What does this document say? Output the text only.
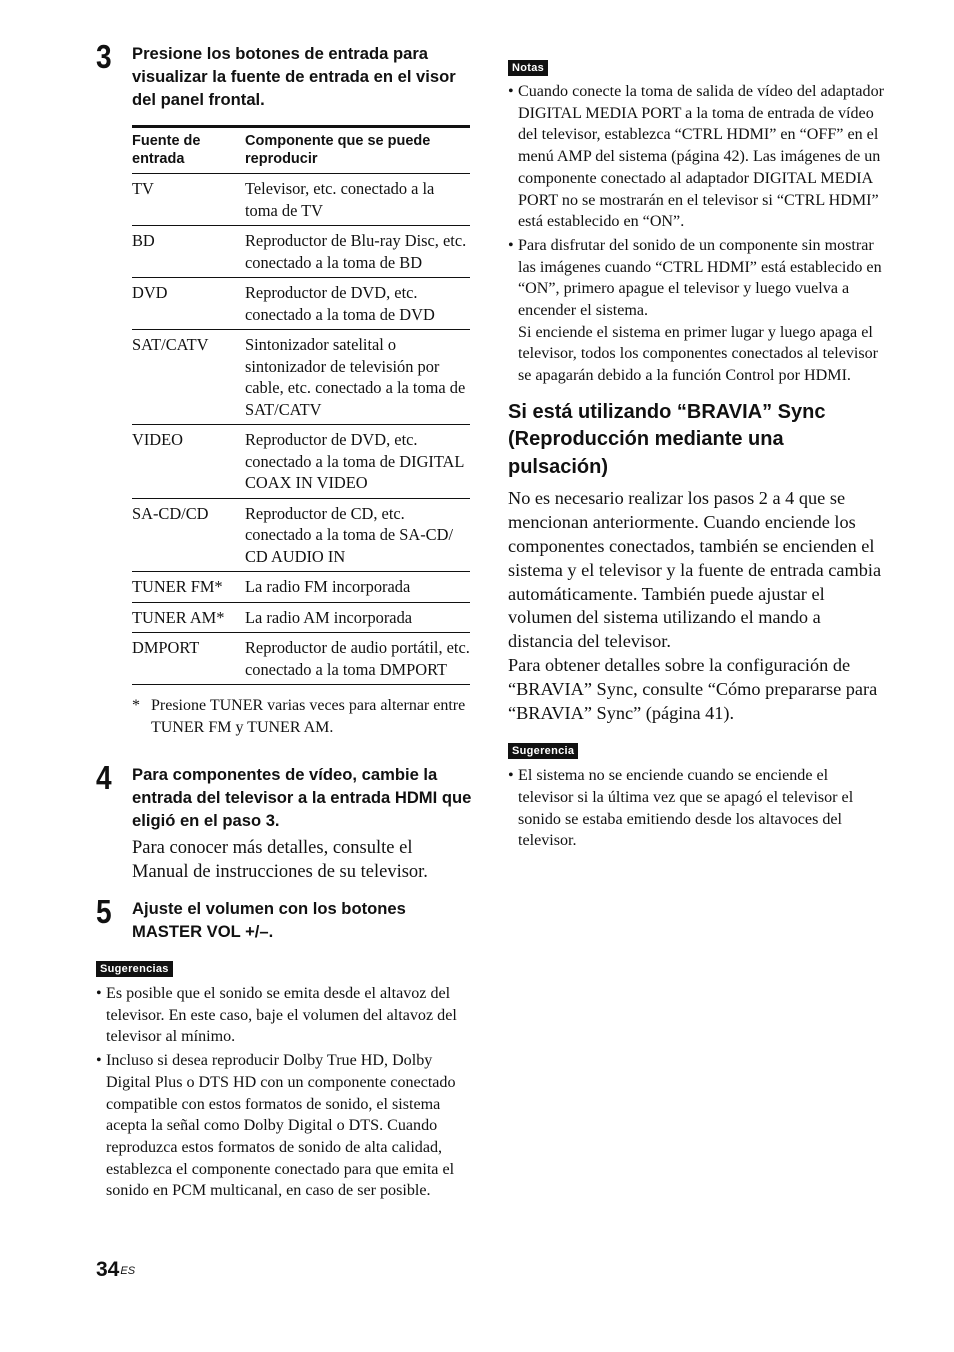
3 Presione los botones de entrada para visualizar la fuente de entrada en el visor del panel frontal.

Fuente de entrada	Componente que se puede reproducir
TV	Televisor, etc. conectado a la toma de TV
BD	Reproductor de Blu-ray Disc, etc. conectado a la toma de BD
DVD	Reproductor de DVD, etc. conectado a la toma de DVD
SAT/CATV	Sintonizador satelital o sintonizador de televisión por cable, etc. conectado a la toma de SAT/CATV
VIDEO	Reproductor de DVD, etc. conectado a la toma de DIGITAL COAX IN VIDEO
SA-CD/CD	Reproductor de CD, etc. conectado a la toma de SA-CD/ CD AUDIO IN
TUNER FM*	La radio FM incorporada
TUNER AM*	La radio AM incorporada
DMPORT	Reproductor de audio portátil, etc. conectado a la toma DMPORT
* Presione TUNER varias veces para alternar entre TUNER FM y TUNER AM.
4 Para componentes de vídeo, cambie la entrada del televisor a la entrada HDMI que eligió en el paso 3.

Para conocer más detalles, consulte el Manual de instrucciones de su televisor.

5 Ajuste el volumen con los botones MASTER VOL +/–.

Sugerencias
• Es posible que el sonido se emita desde el altavoz del televisor. En este caso, baje el volumen del altavoz del televisor al mínimo.
• Incluso si desea reproducir Dolby True HD, Dolby Digital Plus o DTS HD con un componente conectado compatible con estos formatos de sonido, el sistema acepta la señal como Dolby Digital o DTS. Cuando reproduzca estos formatos de sonido de alta calidad, establezca el componente conectado para que emita el sonido en PCM multicanal, en caso de ser posible.
Notas
• Cuando conecte la toma de salida de vídeo del adaptador DIGITAL MEDIA PORT a la toma de entrada de vídeo del televisor, establezca “CTRL HDMI” en “OFF” en el menú AMP del sistema (página 42). Las imágenes de un componente conectado al adaptador DIGITAL MEDIA PORT no se mostrarán en el televisor si “CTRL HDMI” está establecido en “ON”.
• Para disfrutar del sonido de un componente sin mostrar las imágenes cuando “CTRL HDMI” está establecido en “ON”, primero apague el televisor y luego vuelva a encender el sistema.
Si enciende el sistema en primer lugar y luego apaga el televisor, todos los componentes conectados al televisor se apagarán debido a la función Control por HDMI.

Si está utilizando “BRAVIA” Sync (Reproducción mediante una pulsación)

No es necesario realizar los pasos 2 a 4 que se mencionan anteriormente. Cuando enciende los componentes conectados, también se encienden el sistema y el televisor y la fuente de entrada cambia automáticamente. También puede ajustar el volumen del sistema utilizando el mando a distancia del televisor.

Para obtener detalles sobre la configuración de “BRAVIA” Sync, consulte “Cómo prepararse para “BRAVIA” Sync” (página 41).

Sugerencia
• El sistema no se enciende cuando se enciende el televisor si la última vez que se apagó el televisor el sonido se estaba emitiendo desde los altavoces del televisor.
$34^{ES}$
